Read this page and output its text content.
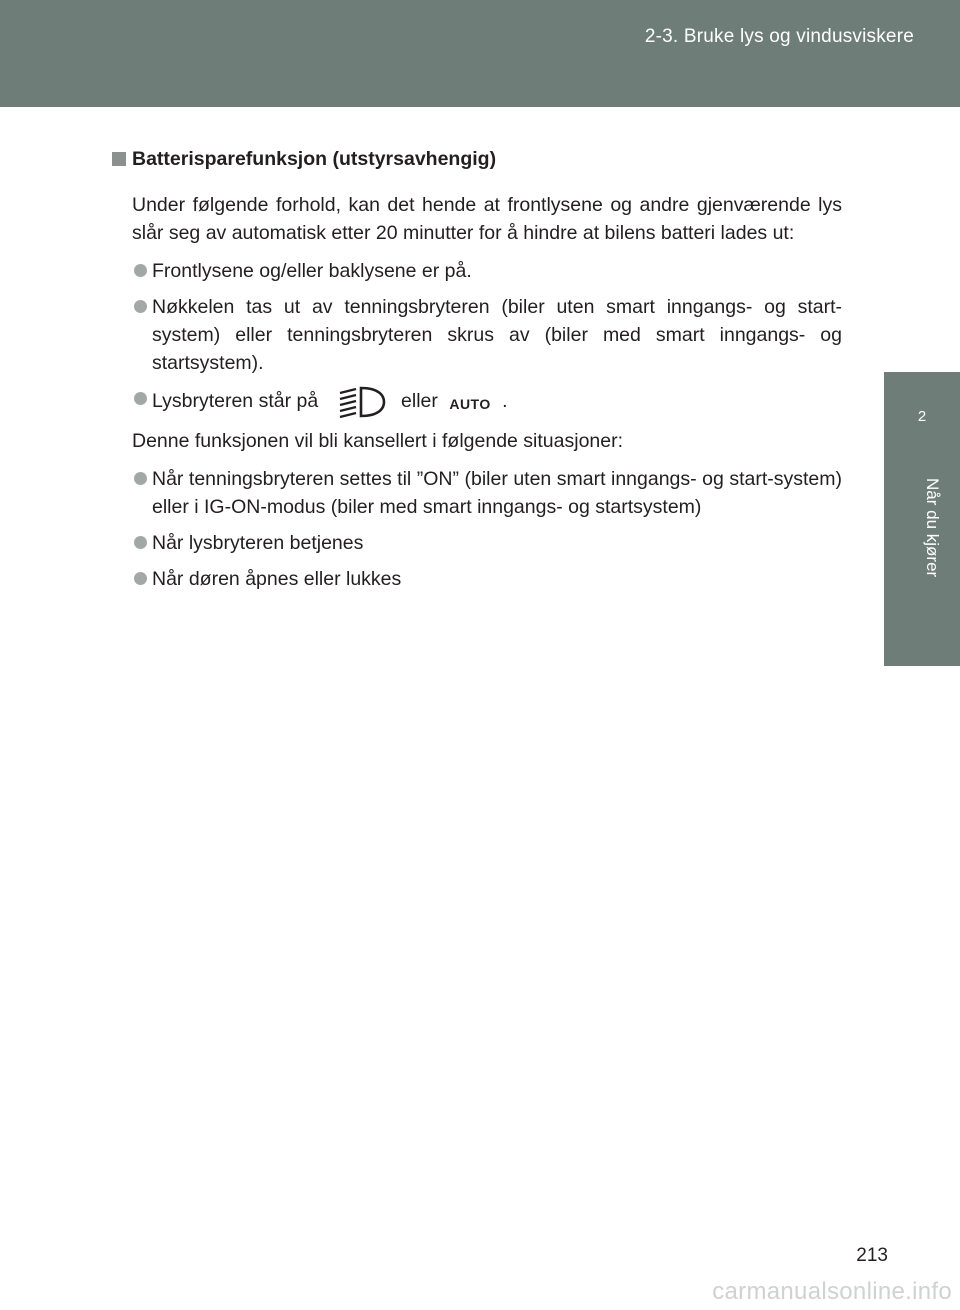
2-3. Bruke lys og vindusviskere
2
Når du kjører
Batterisparefunksjon (utstyrsavhengig)

Under følgende forhold, kan det hende at frontlysene og andre gjenværende lys slår seg av automatisk etter 20 minutter for å hindre at bilens batteri lades ut:

Frontlysene og/eller baklysene er på.
Nøkkelen tas ut av tenningsbryteren (biler uten smart inngangs- og start-system) eller tenningsbryteren skrus av (biler med smart inngangs- og startsystem).
Lysbryteren står på	eller AUTO .

Denne funksjonen vil bli kansellert i følgende situasjoner:

Når tenningsbryteren settes til ”ON” (biler uten smart inngangs- og start-system) eller i IG-ON-modus (biler med smart inngangs- og startsystem)
Når lysbryteren betjenes
Når døren åpnes eller lukkes
213
carmanualsonline.info
